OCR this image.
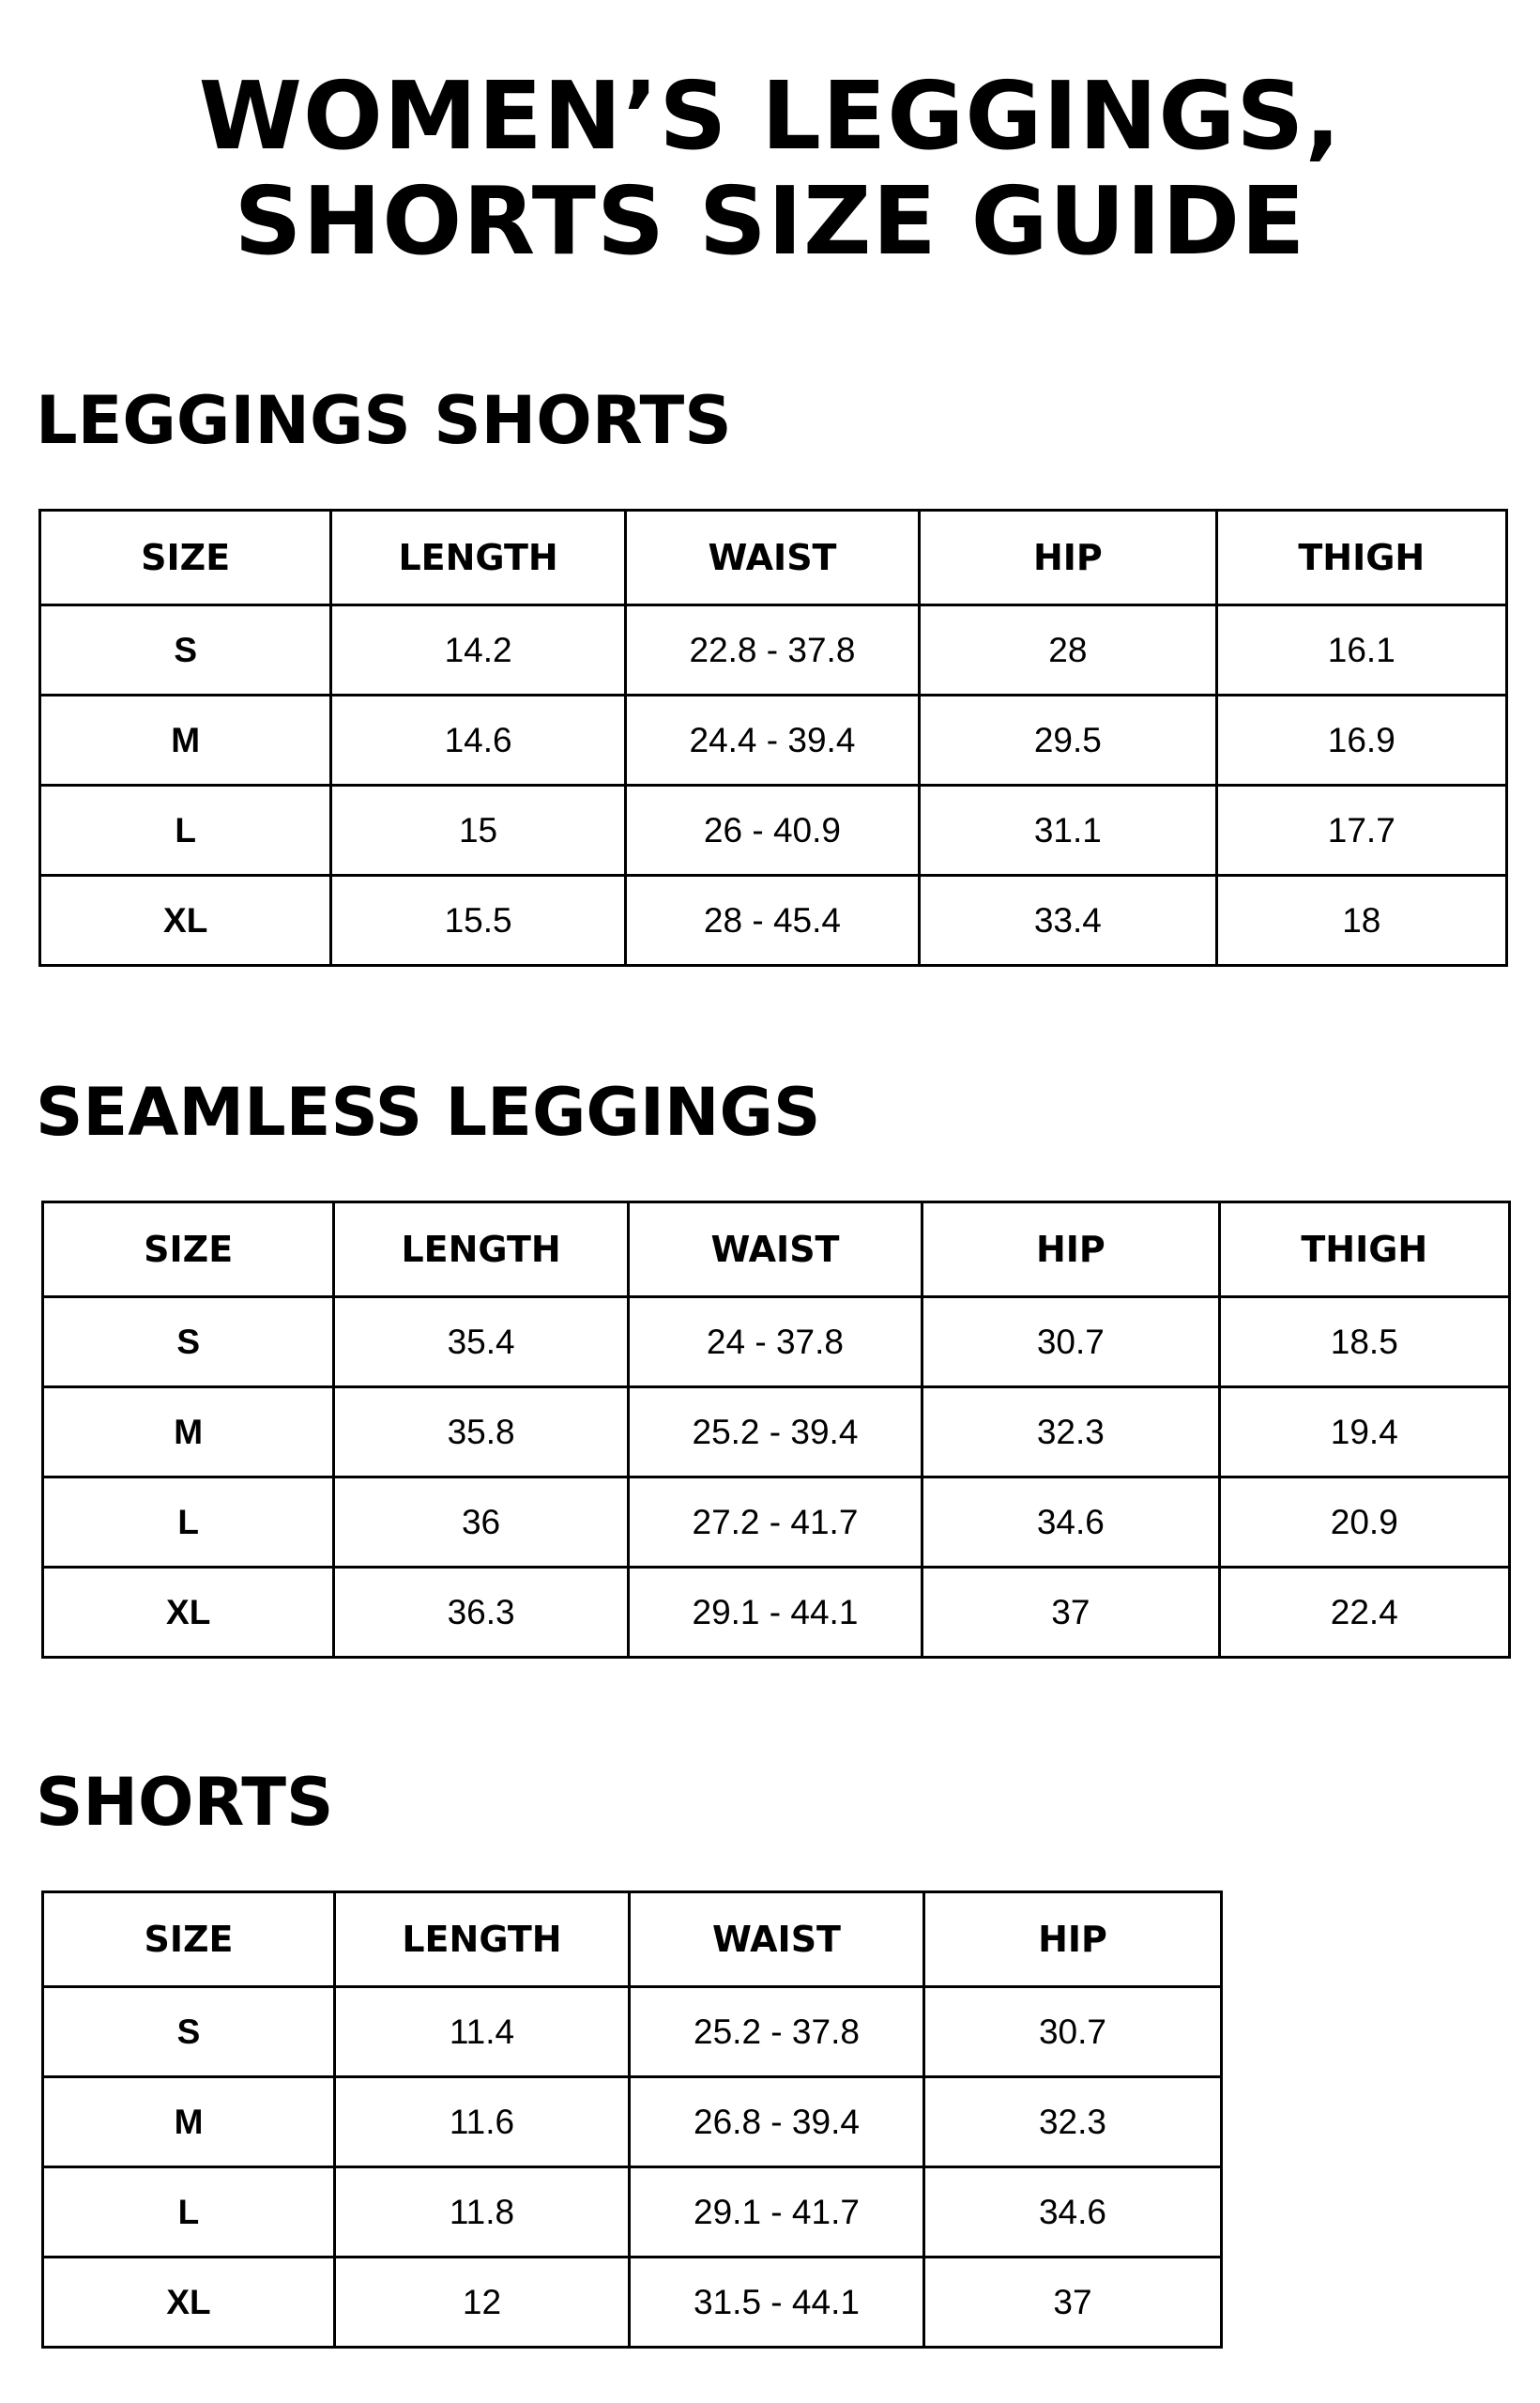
WOMEN’S LEGGINGS,
SHORTS SIZE GUIDE
LEGGINGS SHORTS
SIZE	LENGTH	WAIST	HIP	THIGH
S	14.2	22.8 - 37.8	28	16.1
M	14.6	24.4 - 39.4	29.5	16.9
L	15	26 - 40.9	31.1	17.7
XL	15.5	28 - 45.4	33.4	18
SEAMLESS LEGGINGS
SIZE	LENGTH	WAIST	HIP	THIGH
S	35.4	24 - 37.8	30.7	18.5
M	35.8	25.2 - 39.4	32.3	19.4
L	36	27.2 - 41.7	34.6	20.9
XL	36.3	29.1 - 44.1	37	22.4
SHORTS
SIZE	LENGTH	WAIST	HIP
S	11.4	25.2 - 37.8	30.7
M	11.6	26.8 - 39.4	32.3
L	11.8	29.1 - 41.7	34.6
XL	12	31.5 - 44.1	37
